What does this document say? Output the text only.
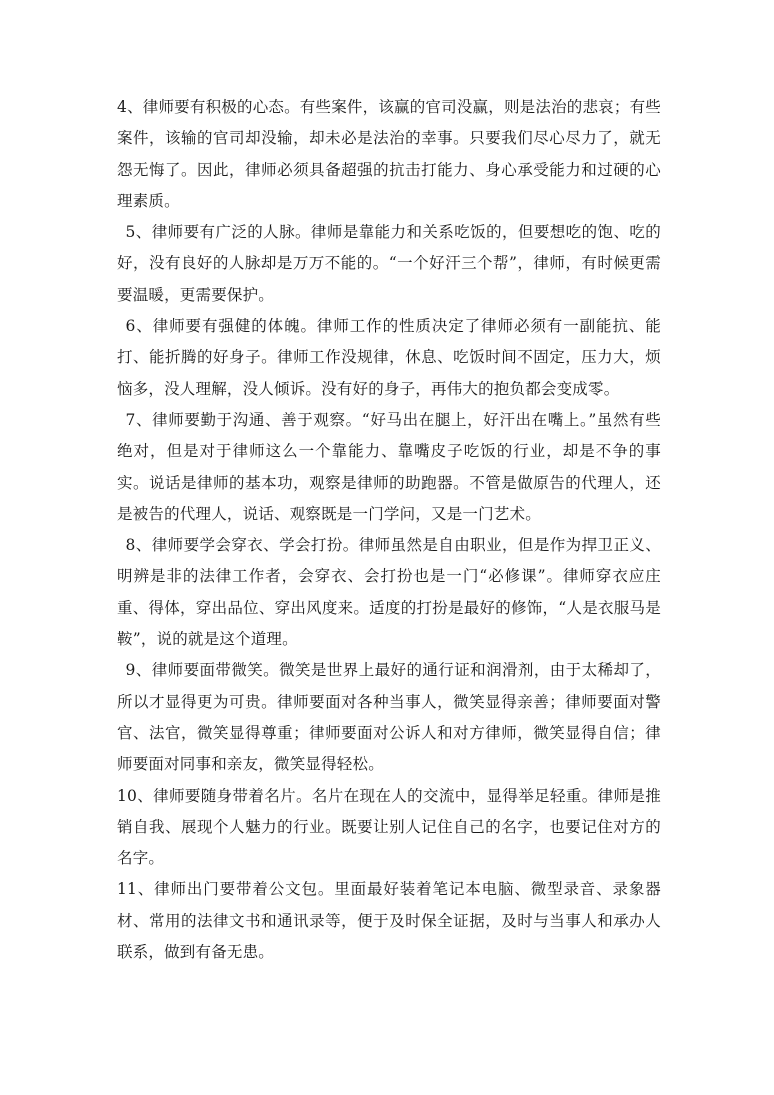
4、律师要有积极的心态。有些案件，该赢的官司没赢，则是法治的悲哀；有些案件，该输的官司却没输，却未必是法治的幸事。只要我们尽心尽力了，就无怨无悔了。因此，律师必须具备超强的抗击打能力、身心承受能力和过硬的心理素质。

5、律师要有广泛的人脉。律师是靠能力和关系吃饭的，但要想吃的饱、吃的好，没有良好的人脉却是万万不能的。“一个好汗三个帮”，律师，有时候更需要温暖，更需要保护。

6、律师要有强健的体魄。律师工作的性质决定了律师必须有一副能抗、能打、能折腾的好身子。律师工作没规律，休息、吃饭时间不固定，压力大，烦恼多，没人理解，没人倾诉。没有好的身子，再伟大的抱负都会变成零。

7、律师要勤于沟通、善于观察。“好马出在腿上，好汗出在嘴上。”虽然有些绝对，但是对于律师这么一个靠能力、靠嘴皮子吃饭的行业，却是不争的事实。说话是律师的基本功，观察是律师的助跑器。不管是做原告的代理人，还是被告的代理人，说话、观察既是一门学问，又是一门艺术。

8、律师要学会穿衣、学会打扮。律师虽然是自由职业，但是作为捍卫正义、明辨是非的法律工作者，会穿衣、会打扮也是一门“必修课”。律师穿衣应庄重、得体，穿出品位、穿出风度来。适度的打扮是最好的修饰，“人是衣服马是鞍”，说的就是这个道理。

9、律师要面带微笑。微笑是世界上最好的通行证和润滑剂，由于太稀却了，所以才显得更为可贵。律师要面对各种当事人，微笑显得亲善；律师要面对警官、法官，微笑显得尊重；律师要面对公诉人和对方律师，微笑显得自信；律师要面对同事和亲友，微笑显得轻松。

10、律师要随身带着名片。名片在现在人的交流中，显得举足轻重。律师是推销自我、展现个人魅力的行业。既要让别人记住自己的名字，也要记住对方的名字。

11、律师出门要带着公文包。里面最好装着笔记本电脑、微型录音、录象器材、常用的法律文书和通讯录等，便于及时保全证据，及时与当事人和承办人联系，做到有备无患。
